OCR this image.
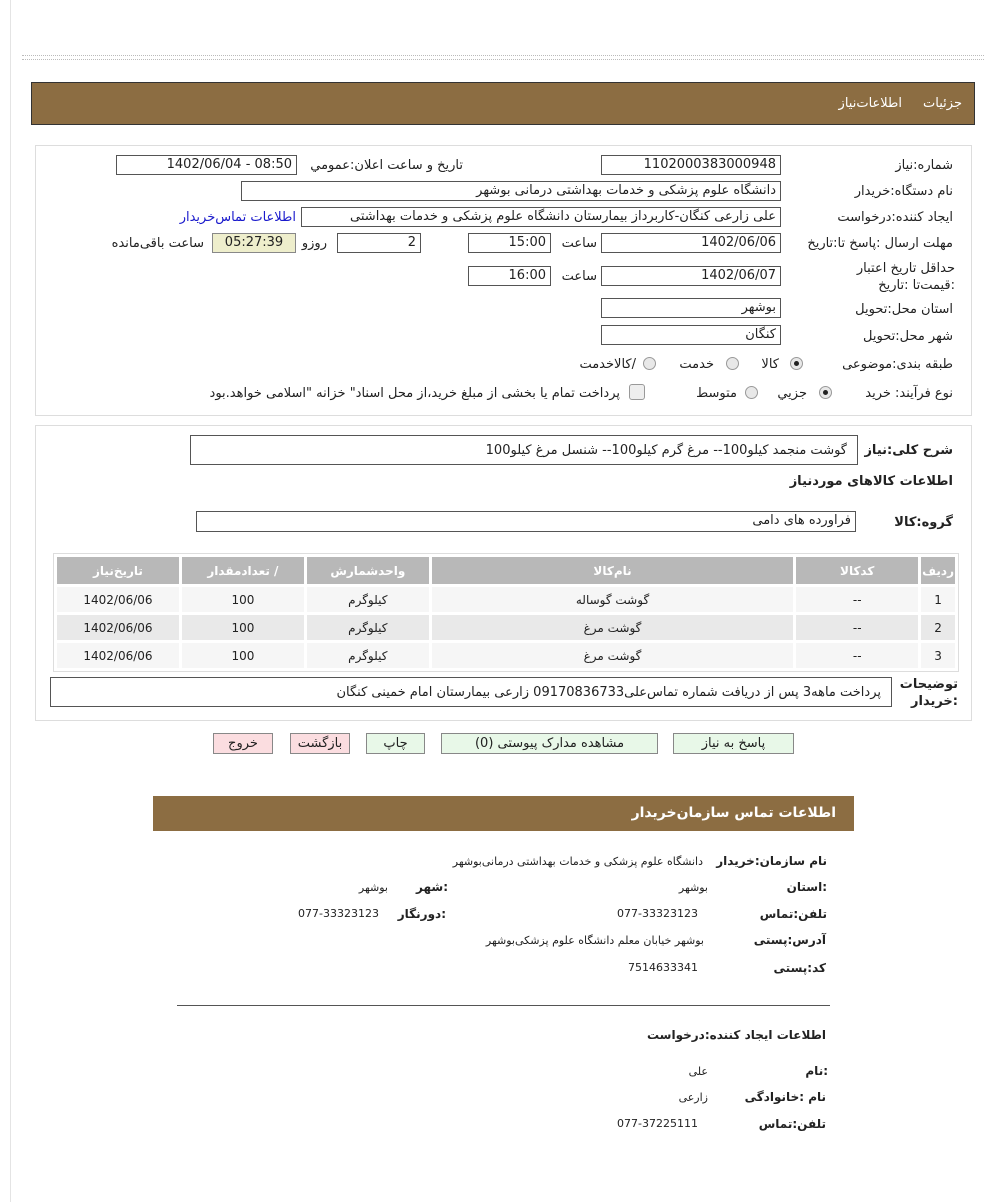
جزئیات
اطلاعات‌نیاز
شماره:نیاز
1102000383000948
تاريخ و ساعت اعلان:عمومي
1402/06/04 - 08:50
نام دستگاه:خريدار
دانشگاه علوم پزشکی و خدمات بهداشتی درمانی بوشهر
ایجاد کننده:درخواست
علی زارعی کنگان-کاربرداز بیمارستان دانشگاه علوم پزشکی و خدمات بهداشتی
اطلاعات تماس‌خریدار
مهلت ارسال :پاسخ تا:تاریخ
1402/06/06
ساعت
15:00
2
روزو
05:27:39
ساعت باقی‌مانده
حداقل تاریخ اعتبار :قیمت‌تا :تاریخ
1402/06/07
ساعت
16:00
استان محل:تحویل
بوشهر
شهر محل:تحویل
کنگان
طبقه بندی:موضوعی
کالا
خدمت
/کالاخدمت
نوع فرآیند: خرید
جزيي
متوسط
پرداخت تمام یا بخشی از مبلغ خرید،از محل اسناد" خزانه "اسلامی خواهد.بود
شرح کلی:نیاز
گوشت منجمد کیلو100-- مرغ گرم کیلو100-- شنسل مرغ کیلو100
اطلاعات کالاهای مورد‌نیاز
گروه:کالا
فراورده های دامی
ردیف	کدکالا	نام‌کالا	واحدشمارش	/ تعدادمقدار	تاریخ‌نیاز
1	--	گوشت گوساله	کیلوگرم	100	1402/06/06
2	--	گوشت مرغ	کیلوگرم	100	1402/06/06
3	--	گوشت مرغ	کیلوگرم	100	1402/06/06
توضیحات :خریدار
پرداخت ماهه3 پس از دریافت شماره تماس‌علی09170836733 زارعی بیمارستان امام خمینی کنگان
پاسخ به نیاز
مشاهده مدارک پیوستی (0)
چاپ
بازگشت
خروج
اطلاعات تماس سازمان‌خریدار
نام سازمان:خریدار
دانشگاه علوم پزشکی و خدمات بهداشتی درمانی‌بوشهر
:استان
بوشهر
:شهر
بوشهر
تلفن:تماس
077-33323123
:دورنگار
077-33323123
آدرس:پستی
بوشهر خیابان معلم دانشگاه علوم پزشکی‌بوشهر
کد:پستی
7514633341
اطلاعات ایجاد کننده:درخواست
:نام
علی
نام :خانوادگی
زارعی
تلفن:تماس
077-37225111
